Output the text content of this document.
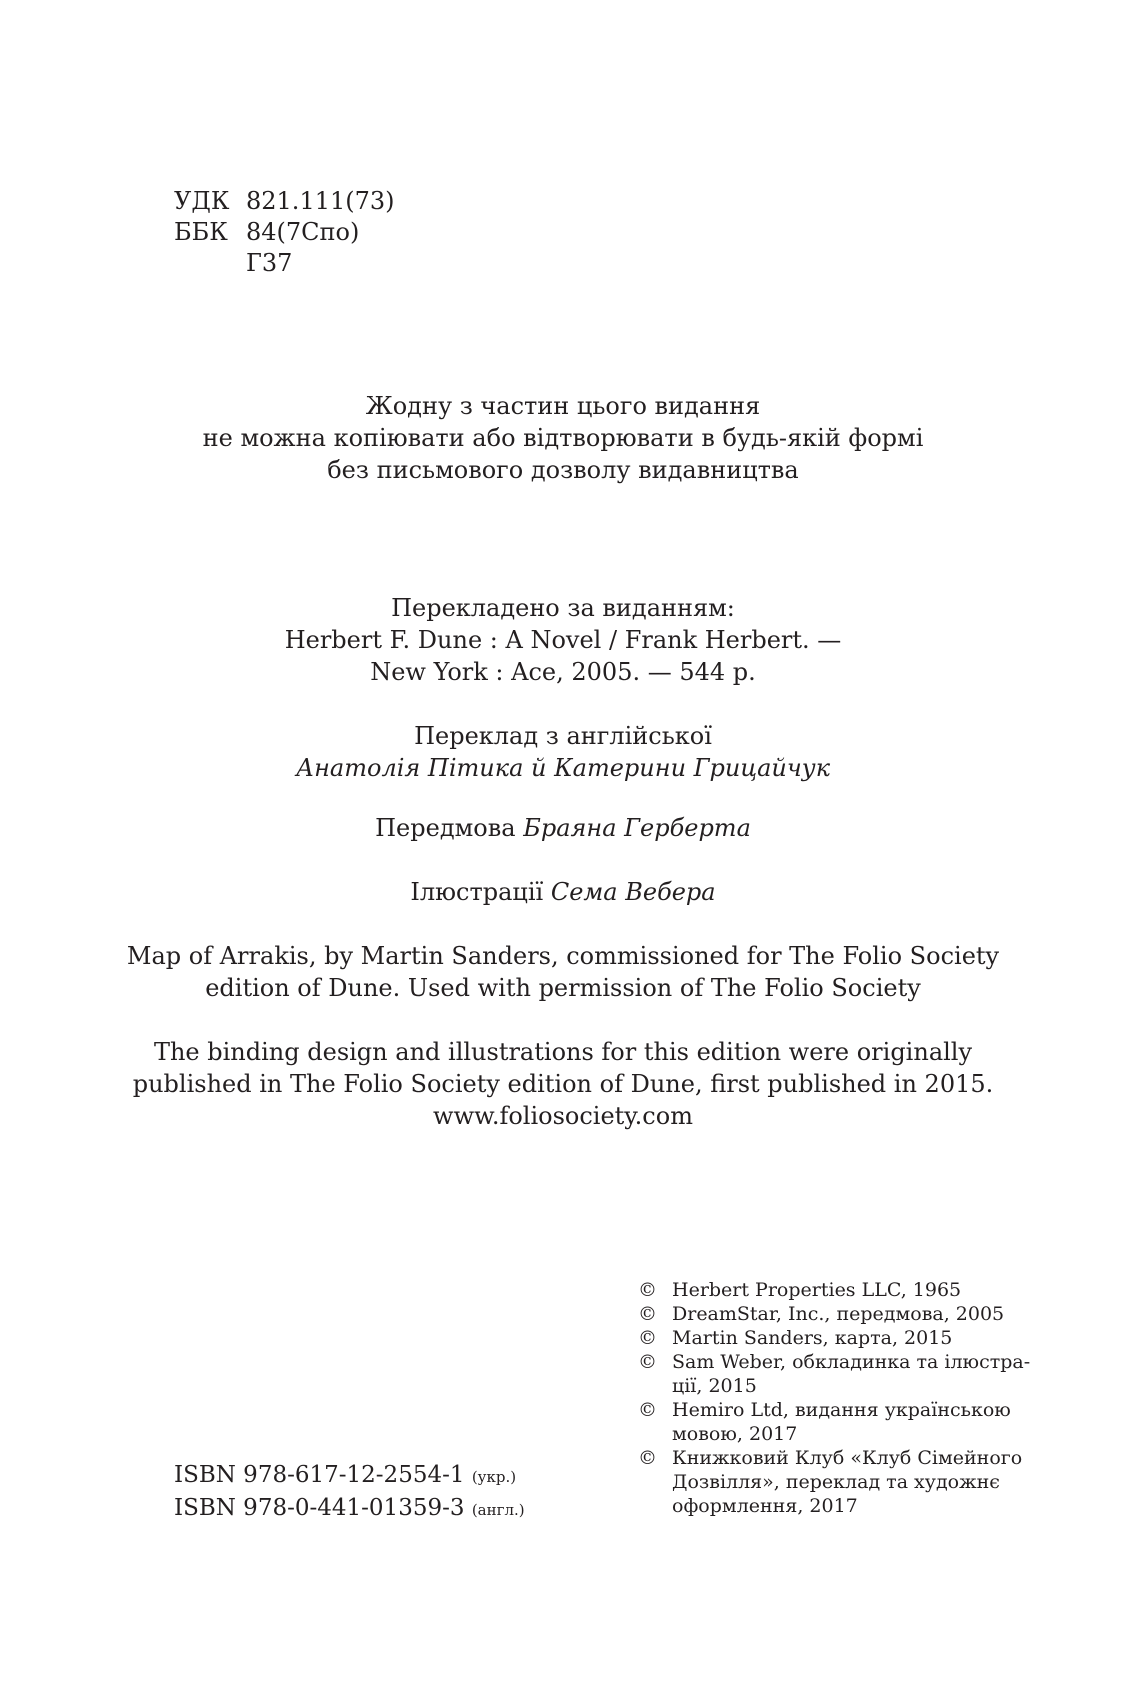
УДК 821.111(73)
ББК 84(7Спо)
Г37
Жодну з частин цього видання
не можна копіювати або відтворювати в будь-якій формі
без письмового дозволу видавництва
Перекладено за виданням:
Herbert F. Dune : A Novel / Frank Herbert. —
New York : Ace, 2005. — 544 p.
Переклад з англійської
Анатолія Пітика й Катерини Грицайчук
Передмова Браяна Герберта
Ілюстрації Сема Вебера
Map of Arrakis, by Martin Sanders, commissioned for The Folio Society
edition of Dune. Used with permission of The Folio Society
The binding design and illustrations for this edition were originally
published in The Folio Society edition of Dune, first published in 2015.
www.foliosociety.com
ISBN 978-617-12-2554-1 (укр.)
ISBN 978-0-441-01359-3 (англ.)
© Herbert Properties LLC, 1965
© DreamStar, Inc., передмова, 2005
© Martin Sanders, карта, 2015
© Sam Weber, обкладинка та ілюстра-
ції, 2015
© Hemiro Ltd, видання українською
мовою, 2017
© Книжковий Клуб «Клуб Сімейного
Дозвілля», переклад та художнє
оформлення, 2017
